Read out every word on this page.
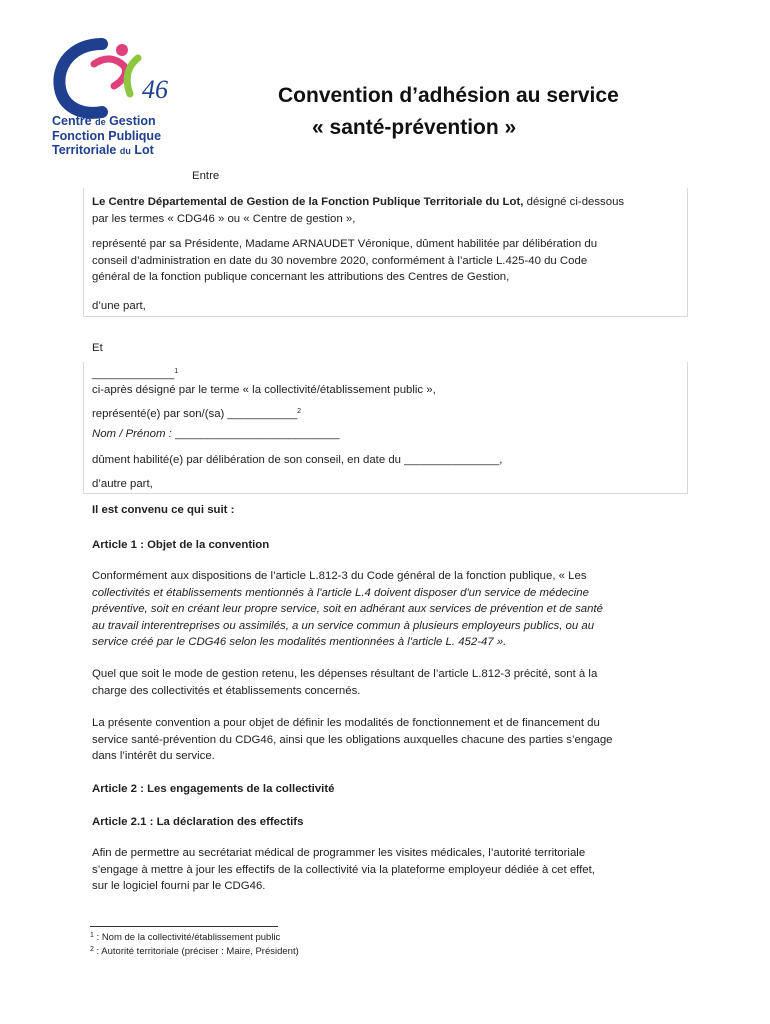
46
Centre de Gestion
Fonction Publique
Territoriale du Lot
Convention d’adhésion au service
« santé-prévention »
Entre
Le Centre Départemental de Gestion de la Fonction Publique Territoriale du Lot, désigné ci-dessous
par les termes « CDG46 » ou « Centre de gestion »,
représenté par sa Présidente, Madame ARNAUDET Véronique, dûment habilitée par délibération du
conseil d’administration en date du 30 novembre 2020, conformément à l’article L.425-40 du Code
général de la fonction publique concernant les attributions des Centres de Gestion,
d’une part,
Et
_____________$^1$
ci-après désigné par le terme « la collectivité/établissement public »,
représenté(e) par son/(sa) ___________$^2$
Nom / Prénom : __________________________
dûment habilité(e) par délibération de son conseil, en date du _______________,
d’autre part,
Il est convenu ce qui suit :
Article 1 : Objet de la convention
Conformément aux dispositions de l’article L.812-3 du Code général de la fonction publique, « Les
collectivités et établissements mentionnés à l'article L.4 doivent disposer d'un service de médecine
préventive, soit en créant leur propre service, soit en adhérant aux services de prévention et de santé
au travail interentreprises ou assimilés, a un service commun à plusieurs employeurs publics, ou au
service créé par le CDG46 selon les modalités mentionnées à l'article L. 452-47 ».
Quel que soit le mode de gestion retenu, les dépenses résultant de l’article L.812-3 précité, sont à la
charge des collectivités et établissements concernés.
La présente convention a pour objet de définir les modalités de fonctionnement et de financement du
service santé-prévention du CDG46, ainsi que les obligations auxquelles chacune des parties s’engage
dans l’intérêt du service.
Article 2 : Les engagements de la collectivité
Article 2.1 : La déclaration des effectifs
Afin de permettre au secrétariat médical de programmer les visites médicales, l’autorité territoriale
s’engage à mettre à jour les effectifs de la collectivité via la plateforme employeur dédiée à cet effet,
sur le logiciel fourni par le CDG46.
$^1$ : Nom de la collectivité/établissement public
$^2$ : Autorité territoriale (préciser : Maire, Président)
